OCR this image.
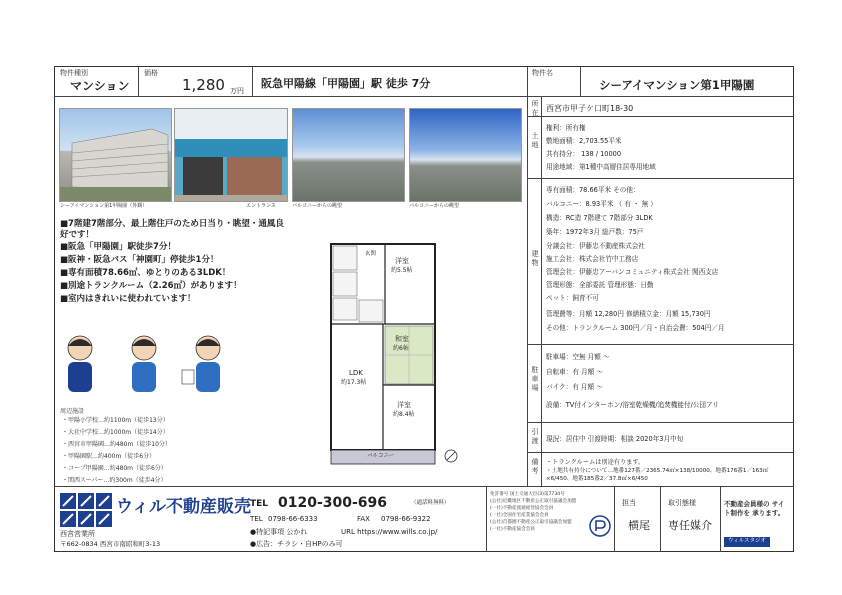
物件種別
マンション
価格
1,280 万円
阪急甲陽線「甲陽園」駅 徒歩 7分
物件名
シーアイマンション第1甲陽園
シーアイマンション第1甲陽園（外観）	エントランス	バルコニーからの眺望	バルコニーからの眺望
■7階建7階部分、最上階住戸のため日当り・眺望・通風良
好です！
■阪急「甲陽園」駅徒歩7分！
■阪神・阪急バス「神園町」停徒歩1分！
■専有面積78.66㎡、ゆとりのある3LDK！
■別途トランクルーム（2.26㎡）があります！
■室内はきれいに使われています！
周辺施設
・甲陽小学校…約1100m（徒歩13分）
・大社中学校…約1000m（徒歩14分）
・西宮市甲陽園…約480m（徒歩10分）
・甲陽園駅…約400m（徒歩6分）
・コープ甲陽園…約480m（徒歩6分）
・関西スーパー…約300m（徒歩4分）
洋室
約5.5帖
和室
約6帖
LDK
約17.3帖
洋室
約8.4帖
バルコニー
玄関
所在 西宮市甲子ケ口町18-30
土地
権利：所有権
敷地面積：2,703.55平米
共有持分： 138 / 10000
用途地域：第1種中高層住居専用地域
建物
専有面積：78.66平米 その他：
バルコニー：8.93平米 （ 有 ・ 無 ）
構造：RC造 7階建て 7階部分 3LDK
築年：1972年3月 総戸数：75戸
分譲会社：伊藤忠不動産株式会社
施工会社：株式会社竹中工務店
管理会社：伊藤忠アーバンコミュニティ株式会社 関西支店
管理形態：全部委託 管理形態：日勤
ペット：飼育不可
管理費等：月額 12,280円 修繕積立金：月額 15,730円
その他：トランクルーム 300円／月・自治会費：504円／月
駐車場
駐車場：空無 月額 〜
自転車：有 月額 〜
バイク：有 月額 〜
設備：TV付インターホン/浴室乾燥機/追焚機能付/公団アリ
引渡 現況：居住中 引渡時期：相談 2020年3月中旬
備考 ・トランクルームは別途有ります。
・土地共有持分について…地番127番／2365.74㎡×138/10000、地番176番1／163㎡×6/450、地番185番2／37.8㎡×6/450
ウィル不動産販売
西宮営業所
〒662-0834 西宮市南昭和町3-13
TEL 0120-300-696	（通話料無料）
TEL 0798-66-6333	FAX 0798-66-9322
●特記事項 公かれ	URL https://www.wills.co.jp/
●広告：チラシ・自HPのみ可
免許番号 国土交通大臣(3)第7734号
(公社)近畿地区不動産公正取引協議会加盟
(一社)不動産流通経営協会会員
(一社)全国住宅産業協会会員
(公社)首都圏不動産公正取引協議会加盟
(一社)不動産協会会員
担当
横尾
取引態様
専任媒介
不動産会員様の サイト制作を 承ります。
ウィルスタジオ
